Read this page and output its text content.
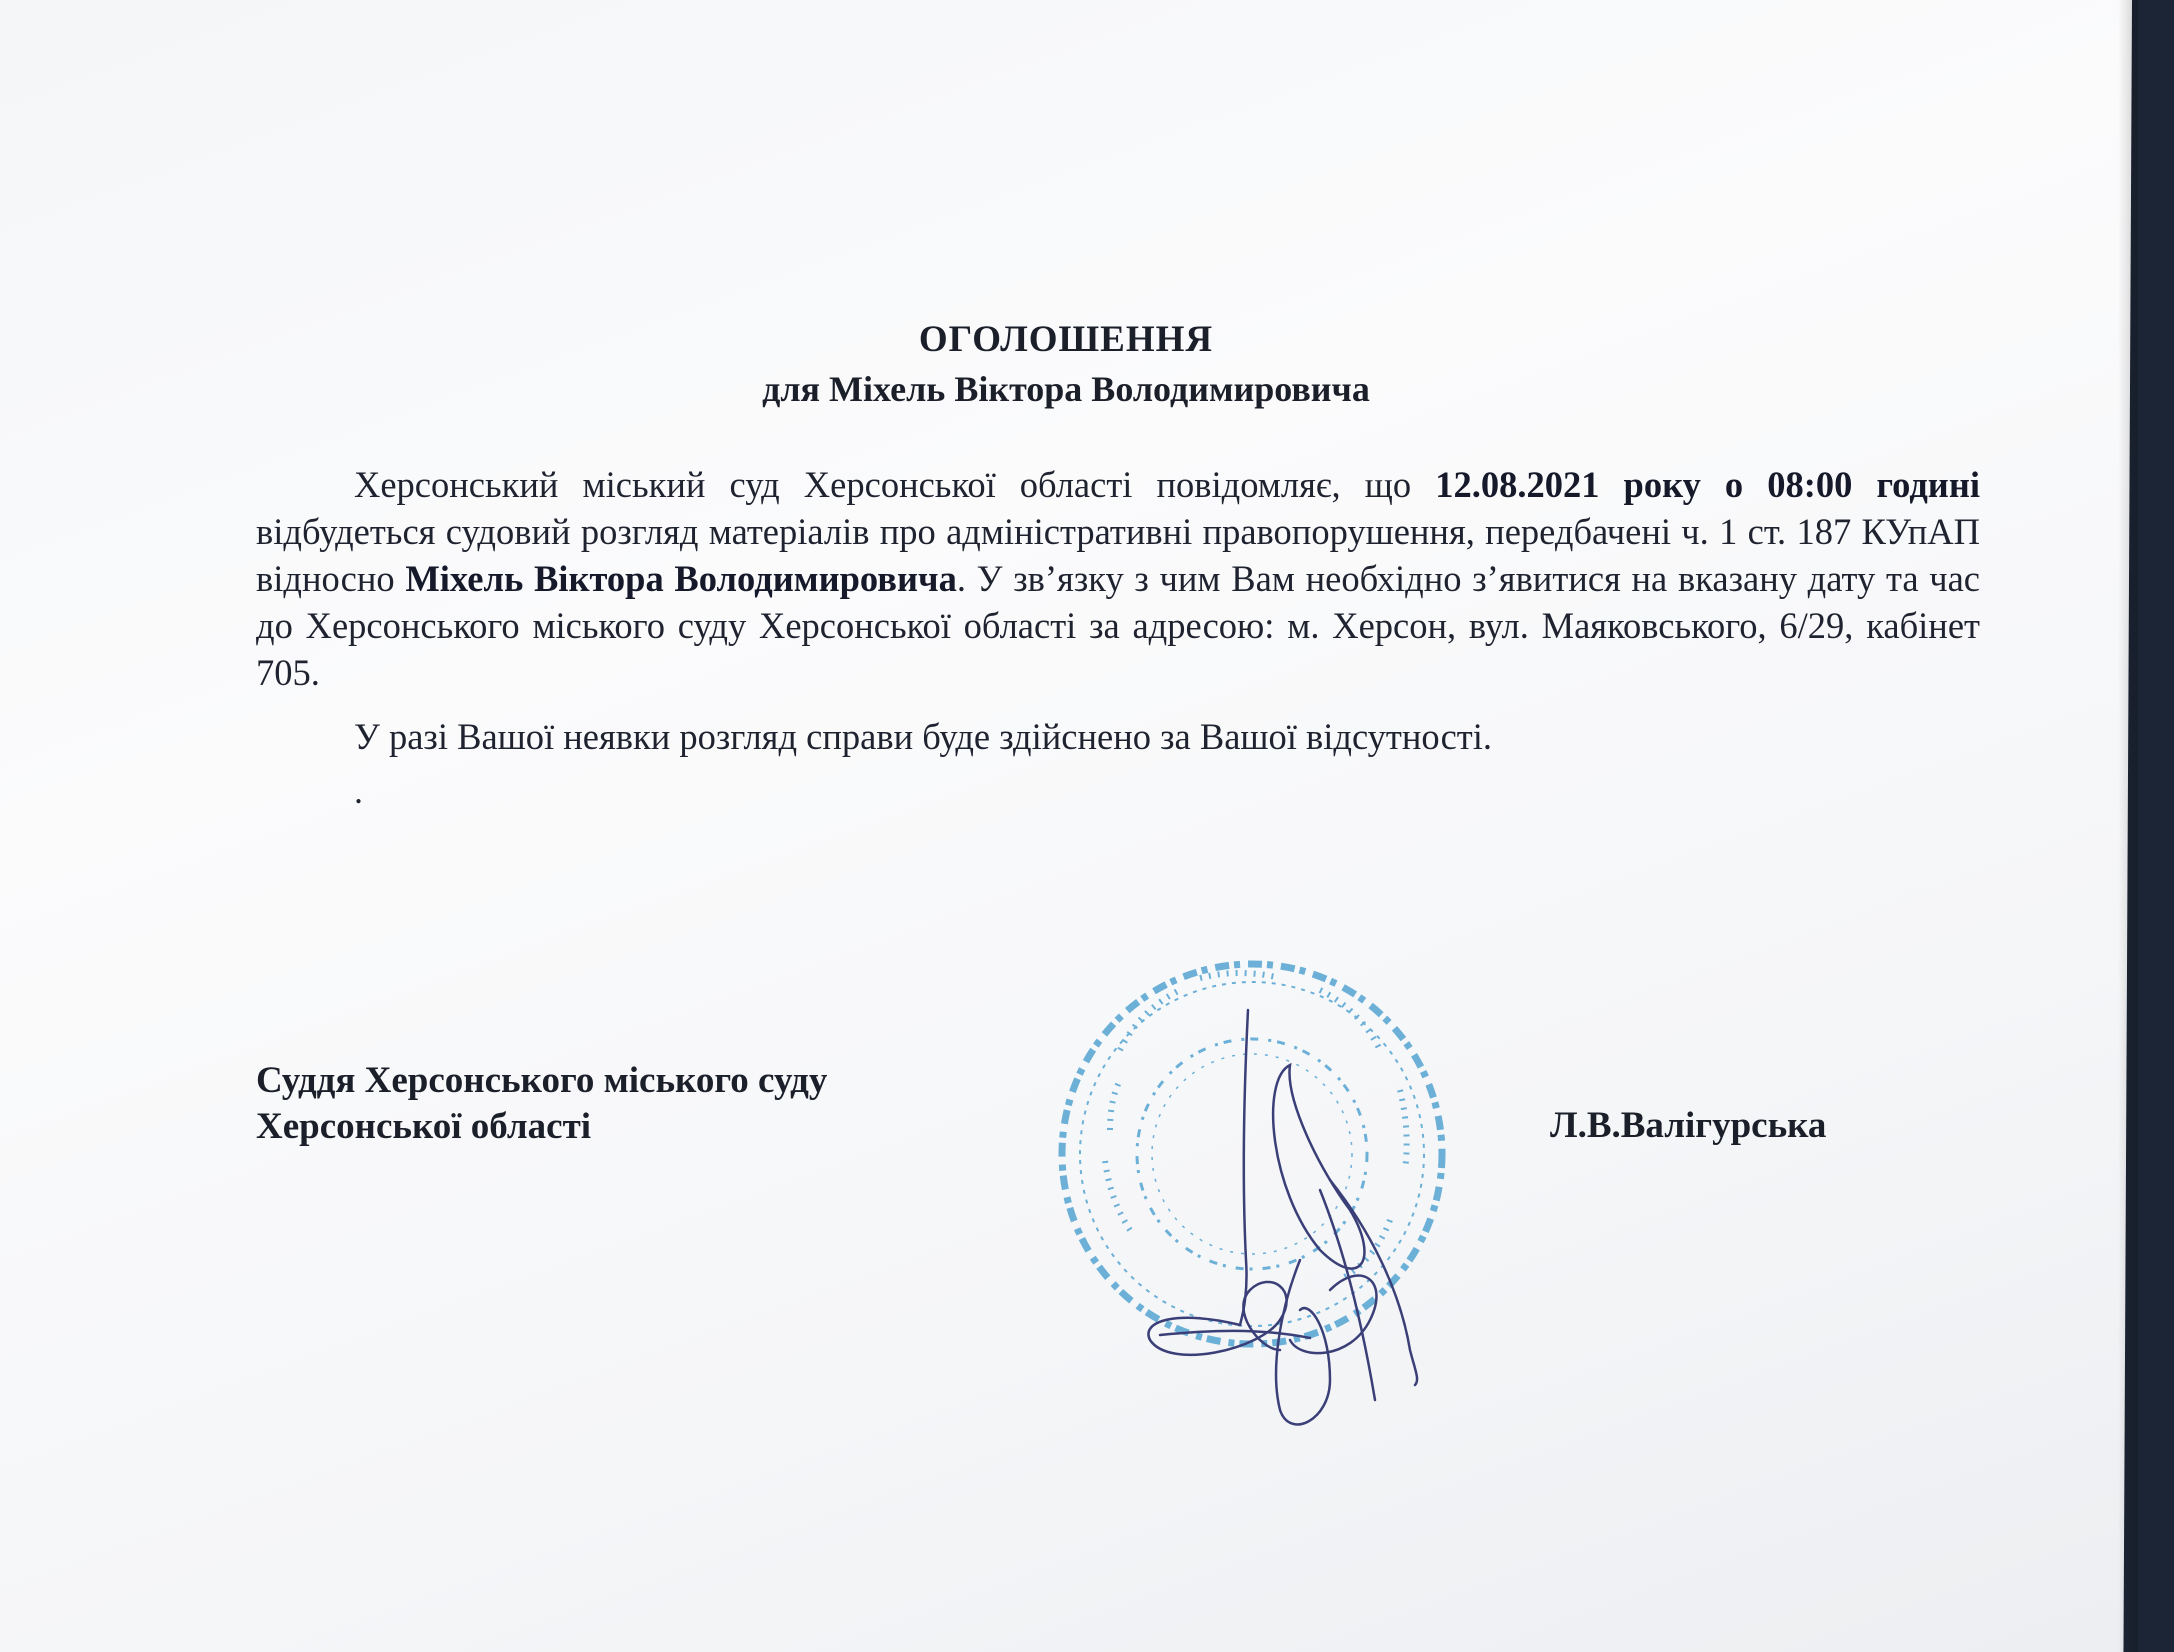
ОГОЛОШЕННЯ
для Міхель Віктора Володимировича

Херсонський міський суд Херсонської області повідомляє, що 12.08.2021 року о 08:00 годині відбудеться судовий розгляд матеріалів про адміністративні правопорушення, передбачені ч. 1 ст. 187 КУпАП відносно Міхель Віктора Володимировича. У зв’язку з чим Вам необхідно з’явитися на вказану дату та час до Херсонського міського суду Херсонської області за адресою: м. Херсон, вул. Маяковського, 6/29, кабінет 705.

У разі Вашої неявки розгляд справи буде здійснено за Вашої відсутності.

.
Суддя Херсонського міського суду
Херсонської області	Л.В.Валігурська
